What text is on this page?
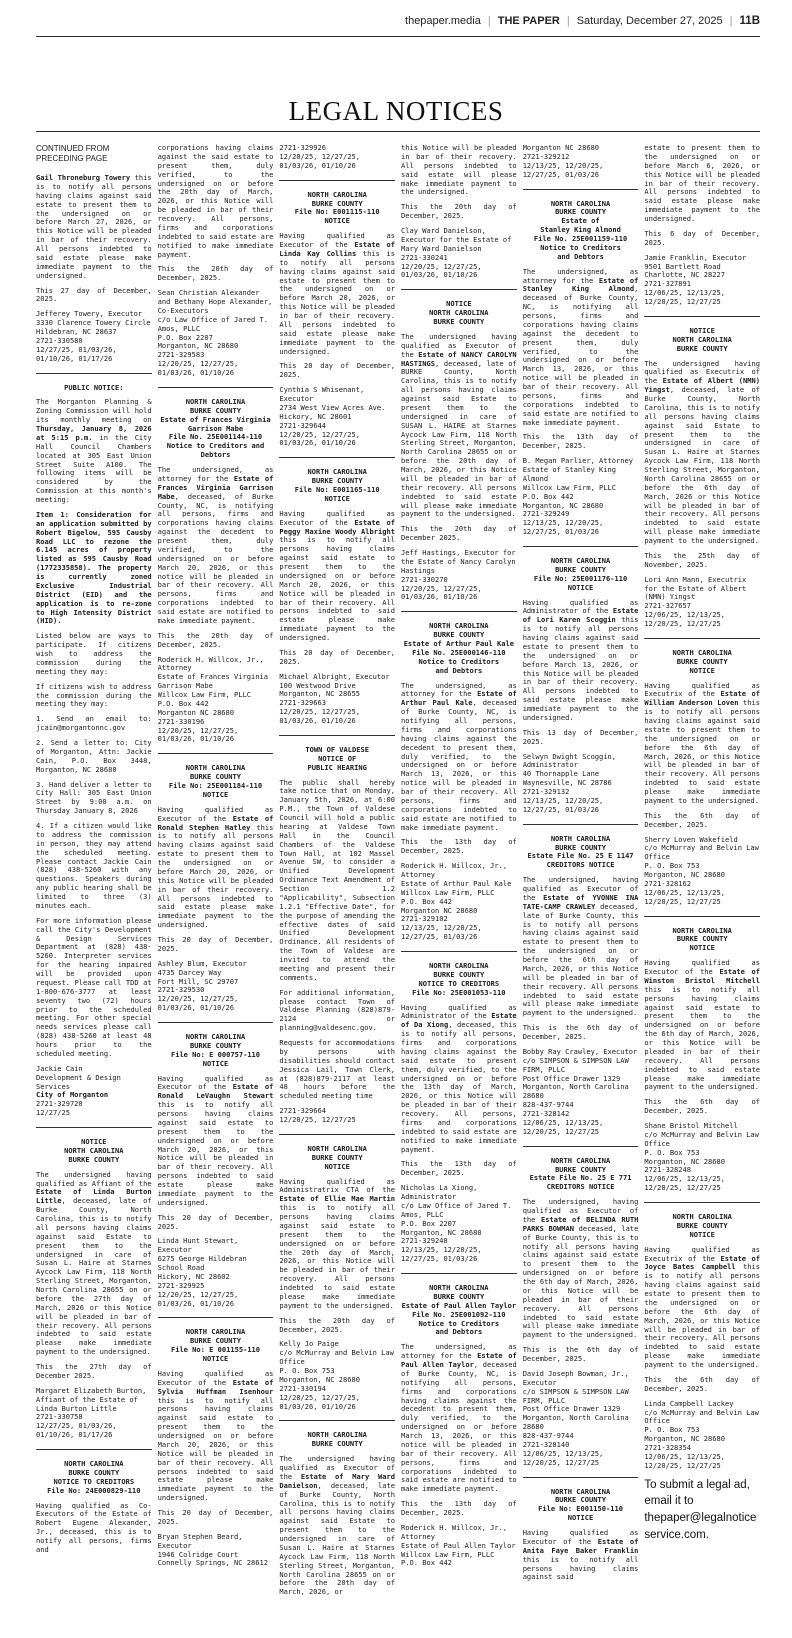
thepaper.media | THE PAPER | Saturday, December 27, 2025 | 11B
LEGAL NOTICES
CONTINUED FROM PRECEDING PAGE

Gail Throneburg Towery this is to notify all persons having claims against said estate to present them to the undersigned on or before March 27, 2026, or this Notice will be pleaded in bar of their recovery. All persons indebted to said estate please make immediate payment to the undersigned.

This 27 day of December, 2025.

Jefferey Towery, Executor
3330 Clarence Towery Circle
Hildebran, NC 28637
2721-330580
12/27/25, 01/03/26, 01/10/26, 01/17/26

PUBLIC NOTICE:

The Morganton Planning & Zoning Commission will hold its monthly meeting on Thursday, January 8, 2026 at 5:15 p.m. in the City Hall Council Chambers located at 305 East Union Street Suite A100. The following items will be considered by the Commission at this month's meeting:

Item 1: Consideration for an application submitted by Robert Bigelow, 595 Causby Road LLC to rezone the 6.145 acres of property listed as 595 Causby Road (1772335858). The property is currently zoned Exclusive Industrial District (EID) and the application is to re-zone to High Intensity District (HID).

Listed below are ways to participate. If citizens wish to address the commission during the meeting they may:

If citizens wish to address the commission during the meeting they may:

1. Send an email to: jcain@morgantonnc.gov

2. Send a letter to: City of Morganton, Attn: Jackie Cain, P.O. Box 3448, Morganton, NC 28680

3. Hand deliver a letter to City Hall: 305 East Union Street by 9:00 a.m. on Thursday January 8, 2026

4. If a citizen would like to address the commission in person, they may attend the scheduled meeting. Please contact Jackie Cain (828) 438-5260 with any questions. Speakers during any public hearing shall be limited to three (3) minutes each.

For more information please call the City's Development & Design Services Department at (828) 438-5260. Interpreter services for the hearing impaired will be provided upon request. Please call TDD at 1-800-676-3777 at least seventy two (72) hours prior to the scheduled meeting. For other special needs services please call (828) 438-5260 at least 48 hours prior to the scheduled meeting.

Jackie Cain
Development & Design Services
City of Morganton
2721-329720
12/27/25

NOTICE
NORTH CAROLINA
BURKE COUNTY

The undersigned having qualified as Affiant of the Estate of Linda Burton Little, deceased, late of Burke County, North Carolina, this is to notify all persons having claims against said Estate to present them to the undersigned in care of Susan L. Haire at Starnes Aycock Law Firm, 118 North Sterling Street, Morganton, North Carolina 28655 on or before the 27th day of March, 2026 or this Notice will be pleaded in bar of their recovery. All persons indebted to said estate please make immediate payment to the undersigned.

This the 27th day of December 2025.

Margaret Elizabeth Burton, Affiant of the Estate of Linda Burton Little
2721-330758
12/27/25, 01/03/26, 01/10/26, 01/17/26

NORTH CAROLINA
BURKE COUNTY
NOTICE TO CREDITORS
File No: 24E000829-110

Having qualified as Co-Executors of the Estate of Robert Eugene Alexander, Jr., deceased, this is to notify all persons, firms and

corporations having claims against the said estate to present them, duly verified, to the undersigned on or before the 20th day of March, 2026, or this Notice will be pleaded in bar of their recovery. All persons, firms and corporations indebted to said estate are notified to make immediate payment.

This the 20th day of December, 2025.

Sean Christian Alexander and Bethany Hope Alexander,
Co-Executors
c/o Law Office of Jared T. Amos, PLLC
P.O. Box 2207
Morganton, NC 28680
2721-329583
12/20/25, 12/27/25, 01/03/26, 01/10/26

NORTH CAROLINA
BURKE COUNTY
Estate of Frances Virginia Garrison Mabe
File No. 25E001144-110
Notice to Creditors and Debtors

The undersigned, as attorney for the Estate of Frances Virginia Garrison Mabe, deceased, of Burke County, NC, is notifying all persons, firms and corporations having claims against the decedent to present them, duly verified, to the undersigned on or before March 20, 2026, or this notice will be pleaded in bar of their recovery. All persons, firms and corporations indebted to said estate are notified to make immediate payment.

This the 20th day of December, 2025.

Roderick H. Willcox, Jr., Attorney
Estate of Frances Virginia Garrison Mabe
Willcox Law Firm, PLLC
P.O. Box 442
Morganton NC 28680
2721-330196
12/20/25, 12/27/25, 01/03/26, 01/10/26

NORTH CAROLINA
BURKE COUNTY
File No: 25E001184-110
NOTICE

Having qualified as Executor of the Estate of Ronald Stephen Hatley this is to notify all persons having claims against said estate to present them to the undersigned on or before March 20, 2026, or this Notice will be pleaded in bar of their recovery. All persons indebted to said estate please make immediate payment to the undersigned.

This 20 day of December, 2025.

Ashley Blum, Executor
4735 Darcey Way
Fort Mill, SC 29707
2721-329530
12/20/25, 12/27/25, 01/03/26, 01/10/26

NORTH CAROLINA
BURKE COUNTY
File No: E 000757-110
NOTICE

Having qualified as Executor of the Estate of Ronald LeVaughn Stewart this is to notify all persons having claims against said estate to present them to the undersigned on or before March 20, 2026, or this Notice will be pleaded in bar of their recovery. All persons indebted to said estate please make immediate payment to the undersigned.

This 20 day of December, 2025.

Linda Hunt Stewart, Executor
6275 George Hildebran School Road
Hickory, NC 28602
2721-329925
12/20/25, 12/27/25, 01/03/26, 01/10/26

NORTH CAROLINA
BURKE COUNTY
File No: E 001155-110
NOTICE

Having qualified as Executor of the Estate of Sylvia Huffman Isenhour this is to notify all persons having claims against said estate to present them to the undersigned on or before March 20, 2026, or this Notice will be pleaded in bar of their recovery. All persons indebted to said estate please make immediate payment to the undersigned.

This 20 day of December, 2025.

Bryan Stephen Beard, Executor
1946 Colridge Court
Connelly Springs, NC 28612

2721-329926
12/20/25, 12/27/25, 01/03/26, 01/10/26

NORTH CAROLINA
BURKE COUNTY
File No: E001115-110
NOTICE

Having qualified as Executor of the Estate of Linda Kay Collins this is to notify all persons having claims against said estate to present them to the undersigned on or before March 20, 2026, or this Notice will be pleaded in bar of their recovery. All persons indebted to said estate please make immediate payment to the undersigned.

This 20 day of December, 2025.

Cynthia S Whisenant, Executor
2734 West View Acres Ave.
Hickory, NC 28601
2721-329644
12/20/25, 12/27/25, 01/03/26, 01/10/26

NORTH CAROLINA
BURKE COUNTY
File No: E001165-110
NOTICE

Having qualified as Executor of the Estate of Peggy Maxine Woody Albright this is to notify all persons having claims against said estate to present them to the undersigned on or before March 20, 2026, or this Notice will be pleaded in bar of their recovery. All persons indebted to said estate please make immediate payment to the undersigned.

This 20 day of December, 2025.

Michael Albright, Executor
100 Westwood Drive
Morganton, NC 28655
2721-329663
12/20/25, 12/27/25, 01/03/26, 01/10/26

TOWN OF VALDESE
NOTICE OF
PUBLIC HEARING

The public shall hereby take notice that on Monday, January 5th, 2026, at 6:00 P.M., the Town of Valdese Council will hold a public hearing at Valdese Town Hall in the Council Chambers of the Valdese Town Hall, at 102 Massel Avenue SW, to consider a Unified Development Ordinance Text Amendment of Section 1.2 "Applicability", Subsection 1.2.1 "Effective Date", for the purpose of amending the effective dates of said Unified Development Ordinance. All residents of the Town of Valdese are invited to attend the meeting and present their comments.

For additional information, please contact Town of Valdese Planning (828)879-2124 or planning@valdesenc.gov.

Requests for accommodations by persons with disabilities should contact Jessica Lail, Town Clerk, at (828)879-2117 at least 48 hours before the scheduled meeting time

2721-329664
12/20/25, 12/27/25

NORTH CAROLINA
BURKE COUNTY
NOTICE

Having qualified as Administratrix CTA of the Estate of Ellie Mae Martin this is to notify all persons having claims against said estate to present them to the undersigned on or before the 20th day of March, 2026, or this Notice will be pleaded in bar of their recovery. All persons indebted to said estate please make immediate payment to the undersigned.

This the 20th day of December, 2025.

Kelly Jo Paige
c/o McMurray and Belvin Law Office
P. O. Box 753
Morganton, NC 28680
2721-330194
12/20/25, 12/27/25, 01/03/26, 01/10/26

NORTH CAROLINA
BURKE COUNTY

The undersigned having qualified as Executor of the Estate of Mary Ward Danielson, deceased, late of Burke County, North Carolina, this is to notify all persons having claims against said Estate to present them to the undersigned in care of Susan L. Haire at Starnes Aycock Law Firm, 118 North Sterling Street, Morganton, North Carolina 28655 on or before the 20th day of March, 2026, or

this Notice will be pleaded in bar of their recovery. All persons indebted to said estate will please make immediate payment to the undersigned.

This the 20th day of December, 2025.

Clay Ward Danielson, Executor for the Estate of Mary Ward Danielson
2721-330241
12/20/25, 12/27/25, 01/03/26, 01/10/26

NOTICE
NORTH CAROLINA
BURKE COUNTY

The undersigned having qualified as Executor of the Estate of NANCY CAROLYN HASTINGS, deceased, late of BURKE County, North Carolina, this is to notify all persons having claims against said Estate to present them to the undersigned in care of SUSAN L. HAIRE at Starnes Aycock Law Firm, 118 North Sterling Street, Morganton, North Carolina 28655 on or before the 20th day of March, 2026, or this Notice will be pleaded in bar of their recovery. All persons indebted to said estate will please make immediate payment to the undersigned.

This the 20th day of December 2025.

Jeff Hastings, Executor for the Estate of Nancy Carolyn Hastings
2721-330270
12/20/25, 12/27/25, 01/03/26, 01/10/26

NORTH CAROLINA
BURKE COUNTY
Estate of Arthur Paul Kale
File No. 25E000146-110
Notice to Creditors
and Debtors

The undersigned, as attorney for the Estate of Arthur Paul Kale, deceased of Burke County, NC, is notifying all persons, firms and corporations having claims against the decedent to present them, duly verified, to the undersigned on or before March 13, 2026, or this notice will be pleaded in bar of their recovery. All persons, firms and corporations indebted to said estate are notified to make immediate payment.

This the 13th day of December, 2025.

Roderick H. Willcox, Jr., Attorney
Estate of Arthur Paul Kale
Willcox Law Firm, PLLC
P.O. Box 442
Morganton NC 28680
2721-329102
12/13/25, 12/20/25, 12/27/25, 01/03/26

NORTH CAROLINA
BURKE COUNTY
NOTICE TO CREDITORS
File No: 25E001053-110

Having qualified as Administrator of the Estate of Da Xiong, deceased, this is to notify all persons, firms and corporations having claims against the said estate to present them, duly verified, to the undersigned on or before the 13th day of March, 2026, or this Notice will be pleaded in bar of their recovery. All persons, firms and corporations indebted to said estate are notified to make immediate payment.

This the 13th day of December, 2025.

Nicholas La Xiong, Administrator
c/o Law Office of Jared T. Amos, PLLC
P.O. Box 2207
Morganton, NC 28680
2721-329248
12/13/25, 12/20/25, 12/27/25, 01/03/26

NORTH CAROLINA
BURKE COUNTY
Estate of Paul Allen Taylor
File No. 25E001092-110
Notice to Creditors
and Debtors

The undersigned, as attorney for the Estate of Paul Allen Taylor, deceased of Burke County, NC, is notifying all persons, firms and corporations having claims against the decedent to present them, duly verified, to the undersigned on or before March 13, 2026, or this notice will be pleaded in bar of their recovery. All persons, firms and corporations indebted to said estate are notified to make immediate payment.

This the 13th day of December, 2025.

Roderick H. Willcox, Jr., Attorney
Estate of Paul Allen Taylor
Willcox Law Firm, PLLC
P.O. Box 442

Morganton NC 28680
2721-329212
12/13/25, 12/20/25, 12/27/25, 01/03/26

NORTH CAROLINA
BURKE COUNTY
Estate of
Stanley King Almond
File No. 25E001159-110
Notice to Creditors
and Debtors

The undersigned, as attorney for the Estate of Stanley King Almond, deceased of Burke County, NC, is notifying all persons, firms and corporations having claims against the decedent to present them, duly verified, to the undersigned on or before March 13, 2026, or this notice will be pleaded in bar of their recovery. All persons, firms and corporations indebted to said estate are notified to make immediate payment.

This the 13th day of December, 2025.

B. Megan Parlier, Attorney
Estate of Stanley King Almond
Willcox Law Firm, PLLC
P.O. Box 442
Morganton, NC 28680
2721-329249
12/13/25, 12/20/25, 12/27/25, 01/03/26

NORTH CAROLINA
BURKE COUNTY
File No: 25E001176-110
NOTICE

Having qualified as Administrator of the Estate of Lori Karen Scoggin this is to notify all persons having claims against said estate to present them to the undersigned on or before March 13, 2026, or this Notice will be pleaded in bar of their recovery. All persons indebted to said estate please make immediate payment to the undersigned.

This 13 day of December, 2025.

Selwyn Dwight Scoggin, Administrator
40 Thornapple Lane
Waynesville, NC 28786
2721-329132
12/13/25, 12/20/25, 12/27/25, 01/03/26

NORTH CAROLINA
BURKE COUNTY
Estate File No. 25 E 1147
CREDITORS NOTICE

The undersigned, having qualified as Executor of the Estate of YVONNE INA TATE-CAMP CRAWLEY deceased, late of Burke County, this is to notify all persons having claims against said estate to present them to the undersigned on or before the 6th day of March, 2026, or this Notice will be pleaded in bar of their recovery. All persons indebted to said estate will please make immediate payment to the undersigned.

This is the 6th day of December, 2025.

Bobby Ray Crawley, Executor
c/o SIMPSON & SIMPSON LAW FIRM, PLLC
Post Office Drawer 1329
Morganton, North Carolina 28680
828-437-9744
2721-328142
12/06/25, 12/13/25, 12/20/25, 12/27/25

NORTH CAROLINA
BURKE COUNTY
Estate File No. 25 E 771
CREDITORS NOTICE

The undersigned, having qualified as Executor of the Estate of BELINDA RUTH PARKS BOWMAN deceased, late of Burke County, this is to notify all persons having claims against said estate to present them to the undersigned on or before the 6th day of March, 2026, or this Notice will be pleaded in bar of their recovery. All persons indebted to said estate will please make immediate payment to the undersigned.

This is the 6th day of December, 2025.

David Joseph Bowman, Jr., Executor
c/o SIMPSON & SIMPSON LAW FIRM, PLLC
Post Office Drawer 1329
Morganton, North Carolina 28680
828-437-9744
2721-328140
12/06/25, 12/13/25, 12/20/25, 12/27/25

NORTH CAROLINA
BURKE COUNTY
File No: E001150-110
NOTICE

Having qualified as Executor of the Estate of Anita Faye Baker Franklin this is to notify all persons having claims against said

estate to present them to the undersigned on or before March 6, 2026, or this Notice will be pleaded in bar of their recovery. All persons indebted to said estate please make immediate payment to the undersigned.

This 6 day of December, 2025.

Jamie Franklin, Executor
9501 Bartlett Road
Charlotte, NC 28227
2721-327891
12/06/25, 12/13/25, 12/20/25, 12/27/25

NOTICE
NORTH CAROLINA
BURKE COUNTY

The undersigned having qualified as Executrix of the Estate of Albert (NMN) Yingst, deceased, late of Burke County, North Carolina, this is to notify all persons having claims against said Estate to present them to the undersigned in care of Susan L. Haire at Starnes Aycock Law Firm, 118 North Sterling Street, Morganton, North Carolina 28655 on or before the 6th day of March, 2026 or this Notice will be pleaded in bar of their recovery. All persons indebted to said estate will please make immediate payment to the undersigned.

This the 25th day of November, 2025.

Lori Ann Mann, Executrix for the Estate of Albert (NMN) Yingst
2721-327657
12/06/25, 12/13/25, 12/20/25, 12/27/25

NORTH CAROLINA
BURKE COUNTY
NOTICE

Having qualified as Executrix of the Estate of William Anderson Loven this is to notify all persons having claims against said estate to present them to the undersigned on or before the 6th day of March, 2026, or this Notice will be pleaded in bar of their recovery. All persons indebted to said estate please make immediate payment to the undersigned.

This the 6th day of December, 2025.

Sherry Loven Wakefield
c/o McMurray and Belvin Law Office
P. O. Box 753
Morganton, NC 28680
2721-328162
12/06/25, 12/13/25, 12/20/25, 12/27/25

NORTH CAROLINA
BURKE COUNTY
NOTICE

Having qualified as Executor of the Estate of Winston Bristol Mitchell this is to notify all persons having claims against said estate to present them to the undersigned on or before the 6th day of March, 2026, or this Notice will be pleaded in bar of their recovery. All persons indebted to said estate please make immediate payment to the undersigned.

This the 6th day of December, 2025.

Shane Bristol Mitchell
c/o McMurray and Belvin Law Office
P. O. Box 753
Morganton, NC 28680
2721-328248
12/06/25, 12/13/25, 12/20/25, 12/27/25

NORTH CAROLINA
BURKE COUNTY
NOTICE

Having qualified as Executrix of the Estate of Joyce Bates Campbell this is to notify all persons having claims against said estate to present them to the undersigned on or before the 6th day of March, 2026, or this Notice will be pleaded in bar of their recovery. All persons indebted to said estate please make immediate payment to the undersigned.

This the 6th day of December, 2025.

Linda Campbell Lackey
c/o McMurray and Belvin Law Office
P. O. Box 753
Morganton, NC 28680
2721-328354
12/06/25, 12/13/25, 12/20/25, 12/27/25

To submit a legal ad, email it to thepaper@legalnoticeservice.com.
